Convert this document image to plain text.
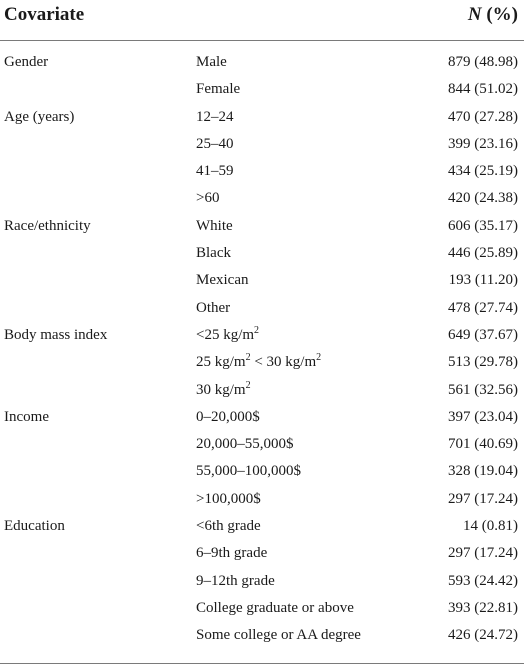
Covariate	N (%)
Gender	Male	879 (48.98)
Female	844 (51.02)
Age (years)	12–24	470 (27.28)
25–40	399 (23.16)
41–59	434 (25.19)
>60	420 (24.38)
Race/ethnicity	White	606 (35.17)
Black	446 (25.89)
Mexican	193 (11.20)
Other	478 (27.74)
Body mass index	<25 $kg/m^2$	649 (37.67)
25 $kg/m^2 < 30$ $kg/m^2$	513 (29.78)
30 $kg/m^2$	561 (32.56)
Income	0–20,000$	397 (23.04)
20,000–55,000$	701 (40.69)
55,000–100,000$	328 (19.04)
>100,000$	297 (17.24)
Education	<6th grade	14 (0.81)
6–9th grade	297 (17.24)
9–12th grade	593 (24.42)
College graduate or above	393 (22.81)
Some college or AA degree	426 (24.72)
